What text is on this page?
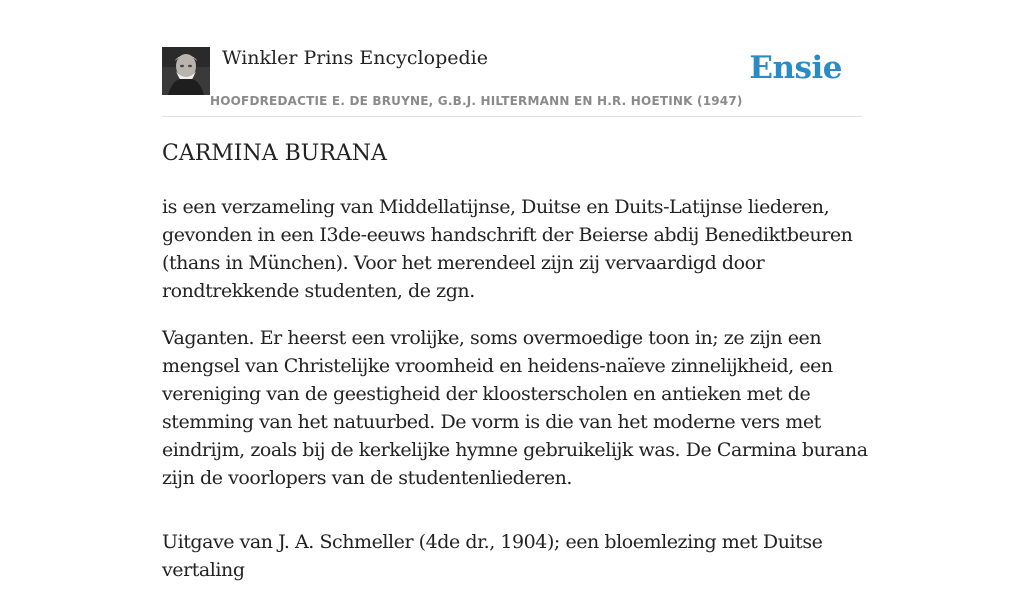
Winkler Prins Encyclopedie
HOOFDREDACTIE E. DE BRUYNE, G.B.J. HILTERMANN EN H.R. HOETINK (1947)
Ensie
CARMINA BURANA

is een verzameling van Middellatijnse, Duitse en Duits-Latijnse liederen, gevonden in een I3de-eeuws handschrift der Beierse abdij Benediktbeuren (thans in München). Voor het merendeel zijn zij vervaardigd door rondtrekkende studenten, de zgn.

Vaganten. Er heerst een vrolijke, soms overmoedige toon in; ze zijn een mengsel van Christelijke vroomheid en heidens-naïeve zinnelijkheid, een vereniging van de geestigheid der kloosterscholen en antieken met de stemming van het natuurbed. De vorm is die van het moderne vers met eindrijm, zoals bij de kerkelijke hymne gebruikelijk was. De Carmina burana zijn de voorlopers van de studentenliederen.

Uitgave van J. A. Schmeller (4de dr., 1904); een bloemlezing met Duitse vertaling
